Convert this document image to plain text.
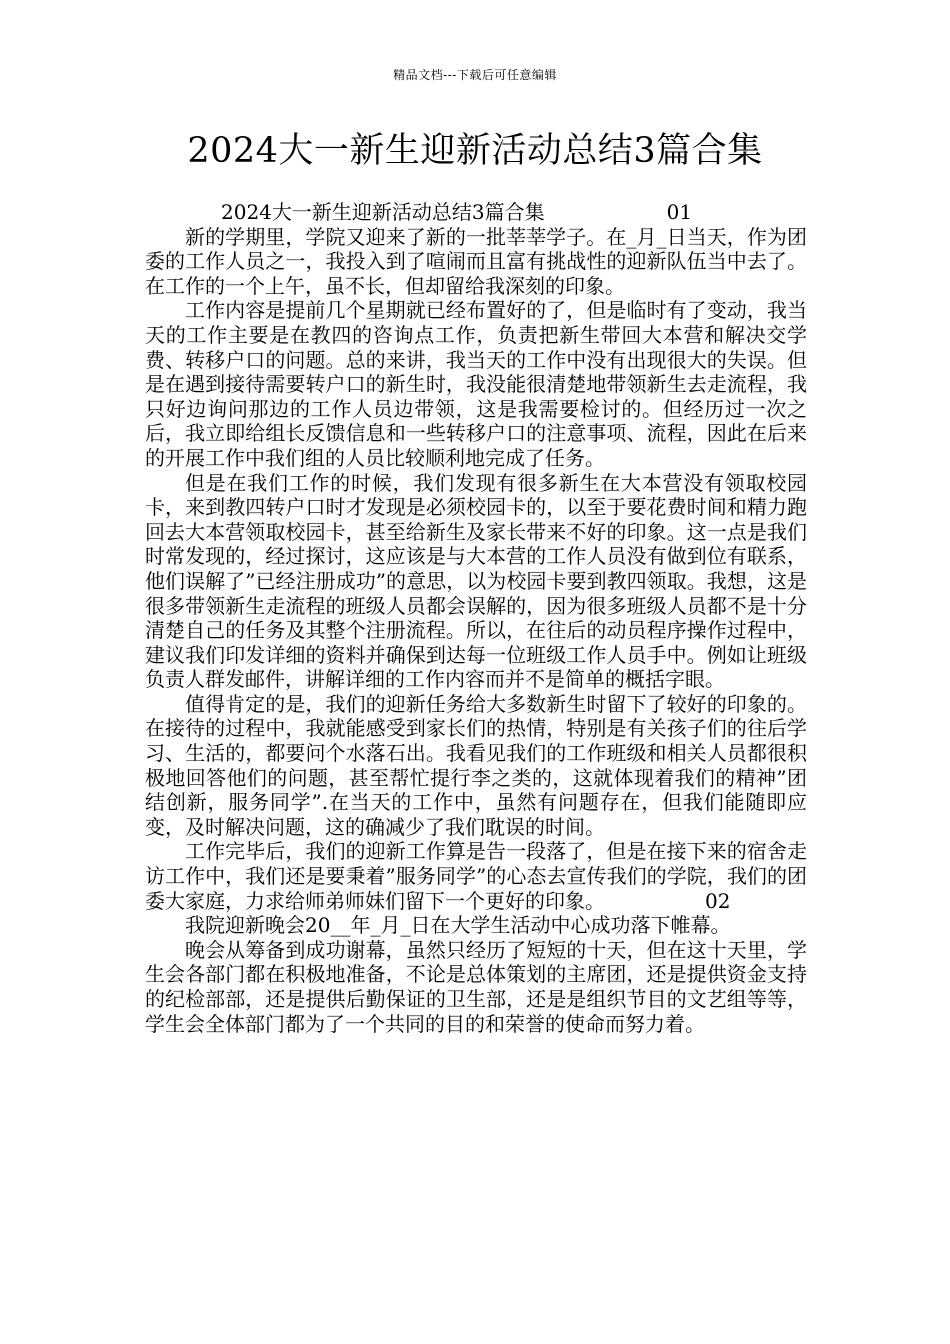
精品文档---下载后可任意编辑
2024大一新生迎新活动总结3篇合集

2024大一新生迎新活动总结3篇合集	01

新的学期里，学院又迎来了新的一批莘莘学子。在_月_日当天，作为团委的工作人员之一，我投入到了喧闹而且富有挑战性的迎新队伍当中去了。在工作的一个上午，虽不长，但却留给我深刻的印象。

工作内容是提前几个星期就已经布置好的了，但是临时有了变动，我当天的工作主要是在教四的咨询点工作，负责把新生带回大本营和解决交学费、转移户口的问题。总的来讲，我当天的工作中没有出现很大的失误。但是在遇到接待需要转户口的新生时，我没能很清楚地带领新生去走流程，我只好边询问那边的工作人员边带领，这是我需要检讨的。但经历过一次之后，我立即给组长反馈信息和一些转移户口的注意事项、流程，因此在后来的开展工作中我们组的人员比较顺利地完成了任务。

但是在我们工作的时候，我们发现有很多新生在大本营没有领取校园卡，来到教四转户口时才发现是必须校园卡的，以至于要花费时间和精力跑回去大本营领取校园卡，甚至给新生及家长带来不好的印象。这一点是我们时常发现的，经过探讨，这应该是与大本营的工作人员没有做到位有联系，他们误解了”已经注册成功”的意思，以为校园卡要到教四领取。我想，这是很多带领新生走流程的班级人员都会误解的，因为很多班级人员都不是十分清楚自己的任务及其整个注册流程。所以，在往后的动员程序操作过程中，建议我们印发详细的资料并确保到达每一位班级工作人员手中。例如让班级负责人群发邮件，讲解详细的工作内容而并不是简单的概括字眼。

值得肯定的是，我们的迎新任务给大多数新生时留下了较好的印象的。在接待的过程中，我就能感受到家长们的热情，特别是有关孩子们的往后学习、生活的，都要问个水落石出。我看见我们的工作班级和相关人员都很积极地回答他们的问题，甚至帮忙提行李之类的，这就体现着我们的精神”团结创新，服务同学”.在当天的工作中，虽然有问题存在，但我们能随即应变，及时解决问题，这的确减少了我们耽误的时间。

工作完毕后，我们的迎新工作算是告一段落了，但是在接下来的宿舍走访工作中，我们还是要秉着”服务同学”的心态去宣传我们的学院，我们的团委大家庭，力求给师弟师妹们留下一个更好的印象。	02

我院迎新晚会20__年_月_日在大学生活动中心成功落下帷幕。

晚会从筹备到成功谢幕，虽然只经历了短短的十天，但在这十天里，学生会各部门都在积极地准备，不论是总体策划的主席团，还是提供资金支持的纪检部部，还是提供后勤保证的卫生部，还是是组织节目的文艺组等等，学生会全体部门都为了一个共同的目的和荣誉的使命而努力着。
